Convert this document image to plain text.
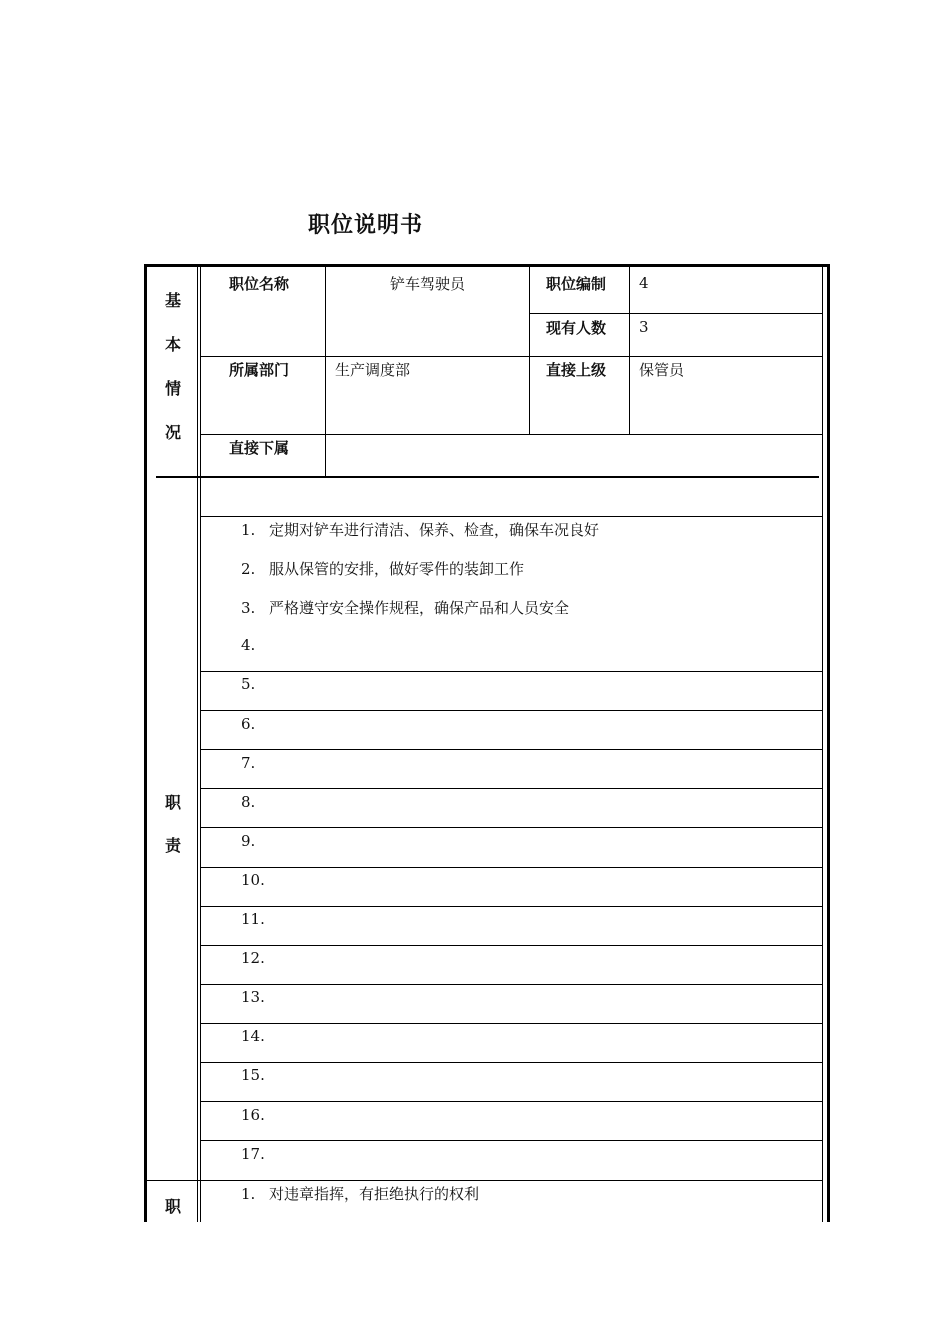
职位说明书
基
本
情
况
职位名称	铲车驾驶员	职位编制 4
现有人数 3
所属部门	生产调度部	直接上级 保管员
直接下属
职
责
1. 定期对铲车进行清洁、保养、检查，确保车况良好
2. 服从保管的安排，做好零件的装卸工作
3. 严格遵守安全操作规程，确保产品和人员安全
4.
5.
6.
7.
8.
9.
10.
11.
12.
13.
14.
15.
16.
17.
职
1. 对违章指挥，有拒绝执行的权利
